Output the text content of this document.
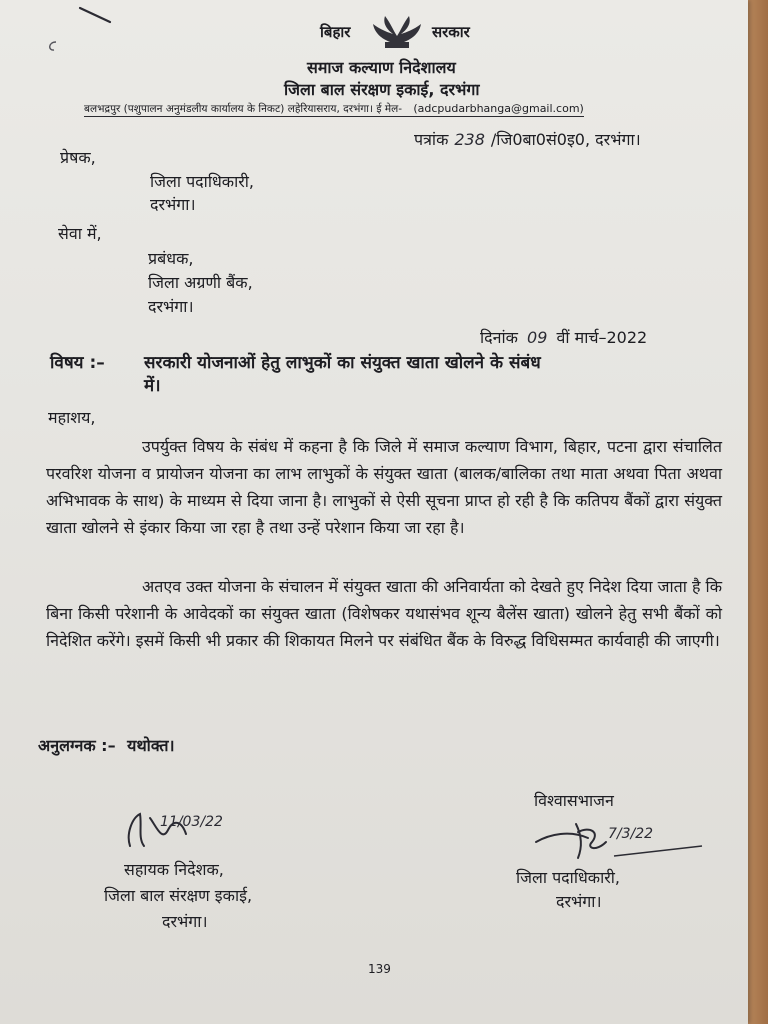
बिहार	सरकार
समाज कल्याण निदेशालय
जिला बाल संरक्षण इकाई, दरभंगा
बलभद्रपुर (पशुपालन अनुमंडलीय कार्यालय के निकट) लहेरियासराय, दरभंगा। ई मेल- (adcpudarbhanga@gmail.com)
पत्रांक 238 /जि0बा0सं0इ0, दरभंगा।
प्रेषक,
जिला पदाधिकारी,
दरभंगा।
सेवा में,
प्रबंधक,
जिला अग्रणी बैंक,
दरभंगा।
दिनांक 09 वीं मार्च–2022
विषय :– सरकारी योजनाओं हेतु लाभुकों का संयुक्त खाता खोलने के संबंध
में।
महाशय,
उपर्युक्त विषय के संबंध में कहना है कि जिले में समाज कल्याण विभाग, बिहार, पटना द्वारा संचालित परवरिश योजना व प्रायोजन योजना का लाभ लाभुकों के संयुक्त खाता (बालक/बालिका तथा माता अथवा पिता अथवा अभिभावक के साथ) के माध्यम से दिया जाना है। लाभुकों से ऐसी सूचना प्राप्त हो रही है कि कतिपय बैंकों द्वारा संयुक्त खाता खोलने से इंकार किया जा रहा है तथा उन्हें परेशान किया जा रहा है।
अतएव उक्त योजना के संचालन में संयुक्त खाता की अनिवार्यता को देखते हुए निदेश दिया जाता है कि बिना किसी परेशानी के आवेदकों का संयुक्त खाता (विशेषकर यथासंभव शून्य बैलेंस खाता) खोलने हेतु सभी बैंकों को निदेशित करेंगे। इसमें किसी भी प्रकार की शिकायत मिलने पर संबंधित बैंक के विरुद्ध विधिसम्मत कार्यवाही की जाएगी।
अनुलग्नक :– यथोक्त।
विश्वासभाजन
7/3/22
जिला पदाधिकारी,
दरभंगा।
11/03/22
सहायक निदेशक,
जिला बाल संरक्षण इकाई,
दरभंगा।
139
